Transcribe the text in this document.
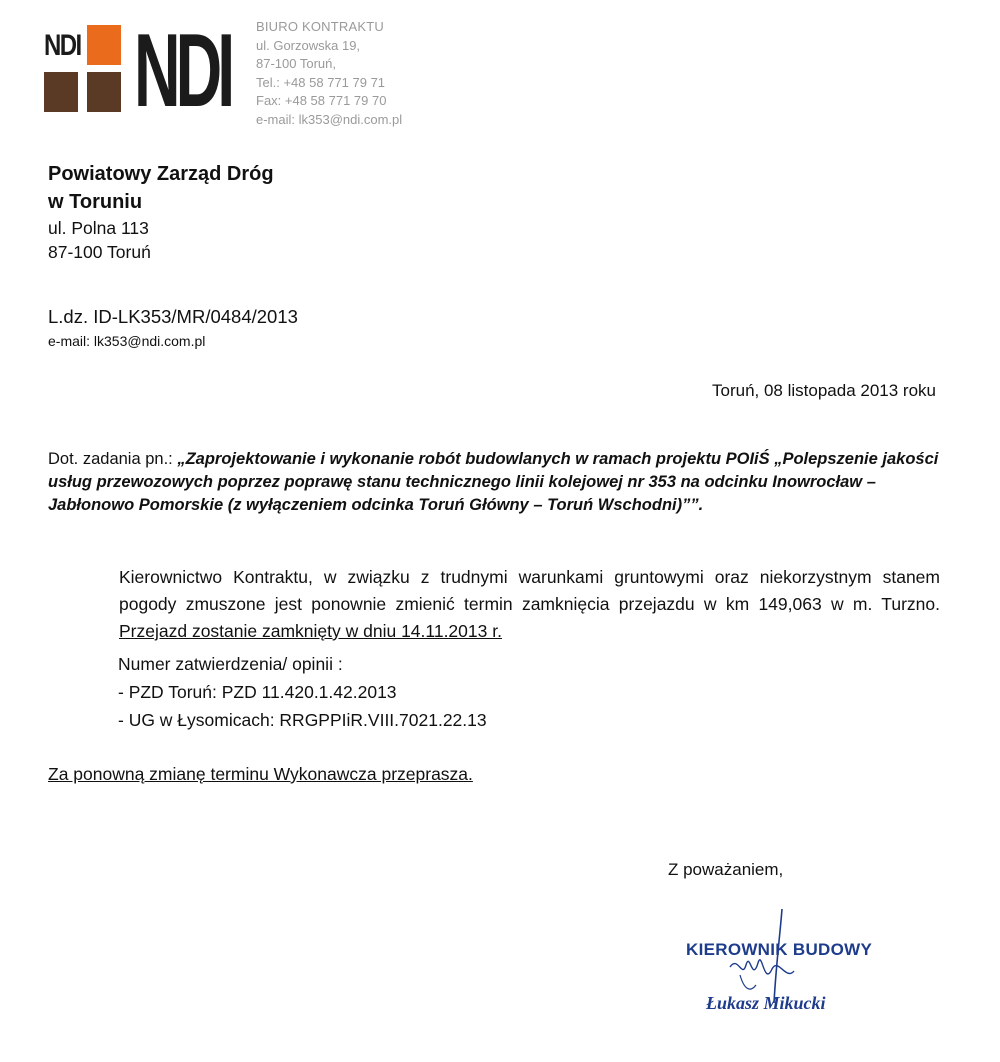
NDI NDI BIURO KONTRAKTU
ul. Gorzowska 19,
87-100 Toruń,
Tel.: +48 58 771 79 71
Fax: +48 58 771 79 70
e-mail: lk353@ndi.com.pl
Powiatowy Zarząd Dróg
w Toruniu
ul. Polna 113
87-100 Toruń
L.dz. ID-LK353/MR/0484/2013
e-mail: lk353@ndi.com.pl
Toruń, 08 listopada 2013 roku
Dot. zadania pn.: „Zaprojektowanie i wykonanie robót budowlanych w ramach projektu POIiŚ „Polepszenie jakości usług przewozowych poprzez poprawę stanu technicznego linii kolejowej nr 353 na odcinku Inowrocław – Jabłonowo Pomorskie (z wyłączeniem odcinka Toruń Główny – Toruń Wschodni)””.

Kierownictwo Kontraktu, w związku z trudnymi warunkami gruntowymi oraz niekorzystnym stanem pogody zmuszone jest ponownie zmienić termin zamknięcia przejazdu w km 149,063 w m. Turzno. Przejazd zostanie zamknięty w dniu 14.11.2013 r.

Numer zatwierdzenia/ opinii :
- PZD Toruń: PZD 11.420.1.42.2013
- UG w Łysomicach: RRGPPIiR.VIII.7021.22.13
Za ponowną zmianę terminu Wykonawcza przeprasza.
Z poważaniem,
KIEROWNIK BUDOWY
Łukasz Mikucki
